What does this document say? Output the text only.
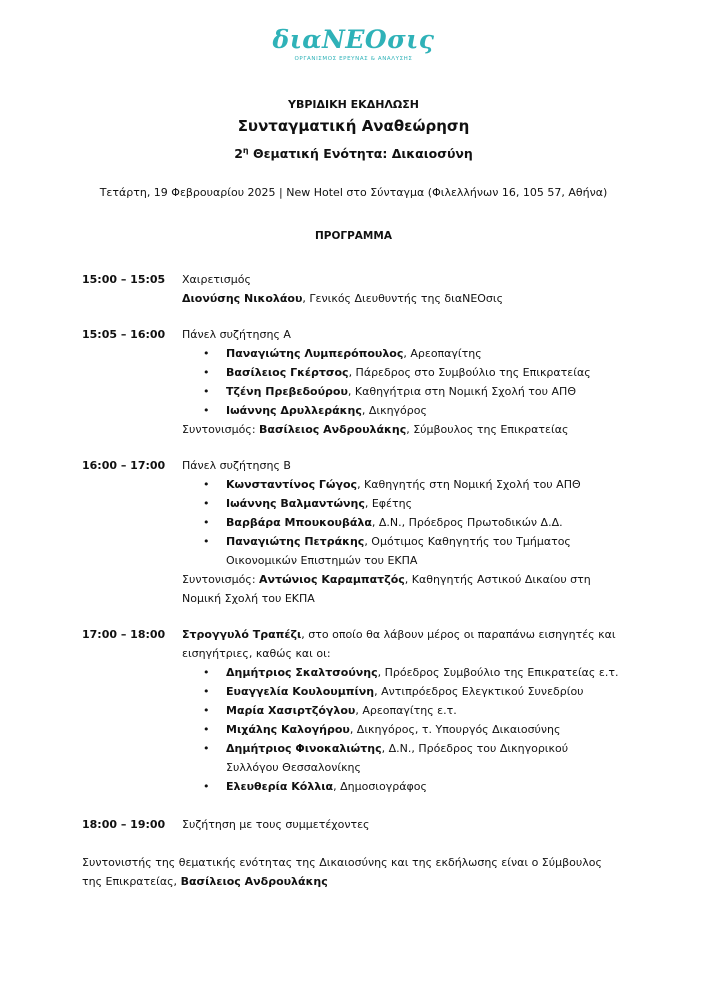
διαΝΕΟσις
ΟΡΓΑΝΙΣΜΟΣ ΕΡΕΥΝΑΣ & ΑΝΑΛΥΣΗΣ
ΥΒΡΙΔΙΚΗ ΕΚΔΗΛΩΣΗ
Συνταγματική Αναθεώρηση
$2^\eta$ Θεματική Ενότητα: Δικαιοσύνη
Τετάρτη, 19 Φεβρουαρίου 2025 | New Hotel στο Σύνταγμα (Φιλελλήνων 16, 105 57, Αθήνα)
ΠΡΟΓΡΑΜΜΑ
15:00 – 15:05 Χαιρετισμός
Διονύσης Νικολάου, Γενικός Διευθυντής της διαΝΕΟσις
15:05 – 16:00 Πάνελ συζήτησης Α
• Παναγιώτης Λυμπερόπουλος, Αρεοπαγίτης
• Βασίλειος Γκέρτσος, Πάρεδρος στο Συμβούλιο της Επικρατείας
• Τζένη Πρεβεδούρου, Καθηγήτρια στη Νομική Σχολή του ΑΠΘ
• Ιωάννης Δρυλλεράκης, Δικηγόρος
Συντονισμός: Βασίλειος Ανδρουλάκης, Σύμβουλος της Επικρατείας
16:00 – 17:00 Πάνελ συζήτησης Β
• Κωνσταντίνος Γώγος, Καθηγητής στη Νομική Σχολή του ΑΠΘ
• Ιωάννης Βαλμαντώνης, Εφέτης
• Βαρβάρα Μπουκουβάλα, Δ.Ν., Πρόεδρος Πρωτοδικών Δ.Δ.
• Παναγιώτης Πετράκης, Ομότιμος Καθηγητής του Τμήματος Οικονομικών Επιστημών του ΕΚΠΑ
Συντονισμός: Αντώνιος Καραμπατζός, Καθηγητής Αστικού Δικαίου στη Νομική Σχολή του ΕΚΠΑ
17:00 – 18:00 Στρογγυλό Τραπέζι, στο οποίο θα λάβουν μέρος οι παραπάνω εισηγητές και εισηγήτριες, καθώς και οι:
• Δημήτριος Σκαλτσούνης, Πρόεδρος Συμβούλιο της Επικρατείας ε.τ.
• Ευαγγελία Κουλουμπίνη, Αντιπρόεδρος Ελεγκτικού Συνεδρίου
• Μαρία Χασιρτζόγλου, Αρεοπαγίτης ε.τ.
• Μιχάλης Καλογήρου, Δικηγόρος, τ. Υπουργός Δικαιοσύνης
• Δημήτριος Φινοκαλιώτης, Δ.Ν., Πρόεδρος του Δικηγορικού Συλλόγου Θεσσαλονίκης
• Ελευθερία Κόλλια, Δημοσιογράφος
18:00 – 19:00 Συζήτηση με τους συμμετέχοντες
Συντονιστής της θεματικής ενότητας της Δικαιοσύνης και της εκδήλωσης είναι ο Σύμβουλος της Επικρατείας, Βασίλειος Ανδρουλάκης
